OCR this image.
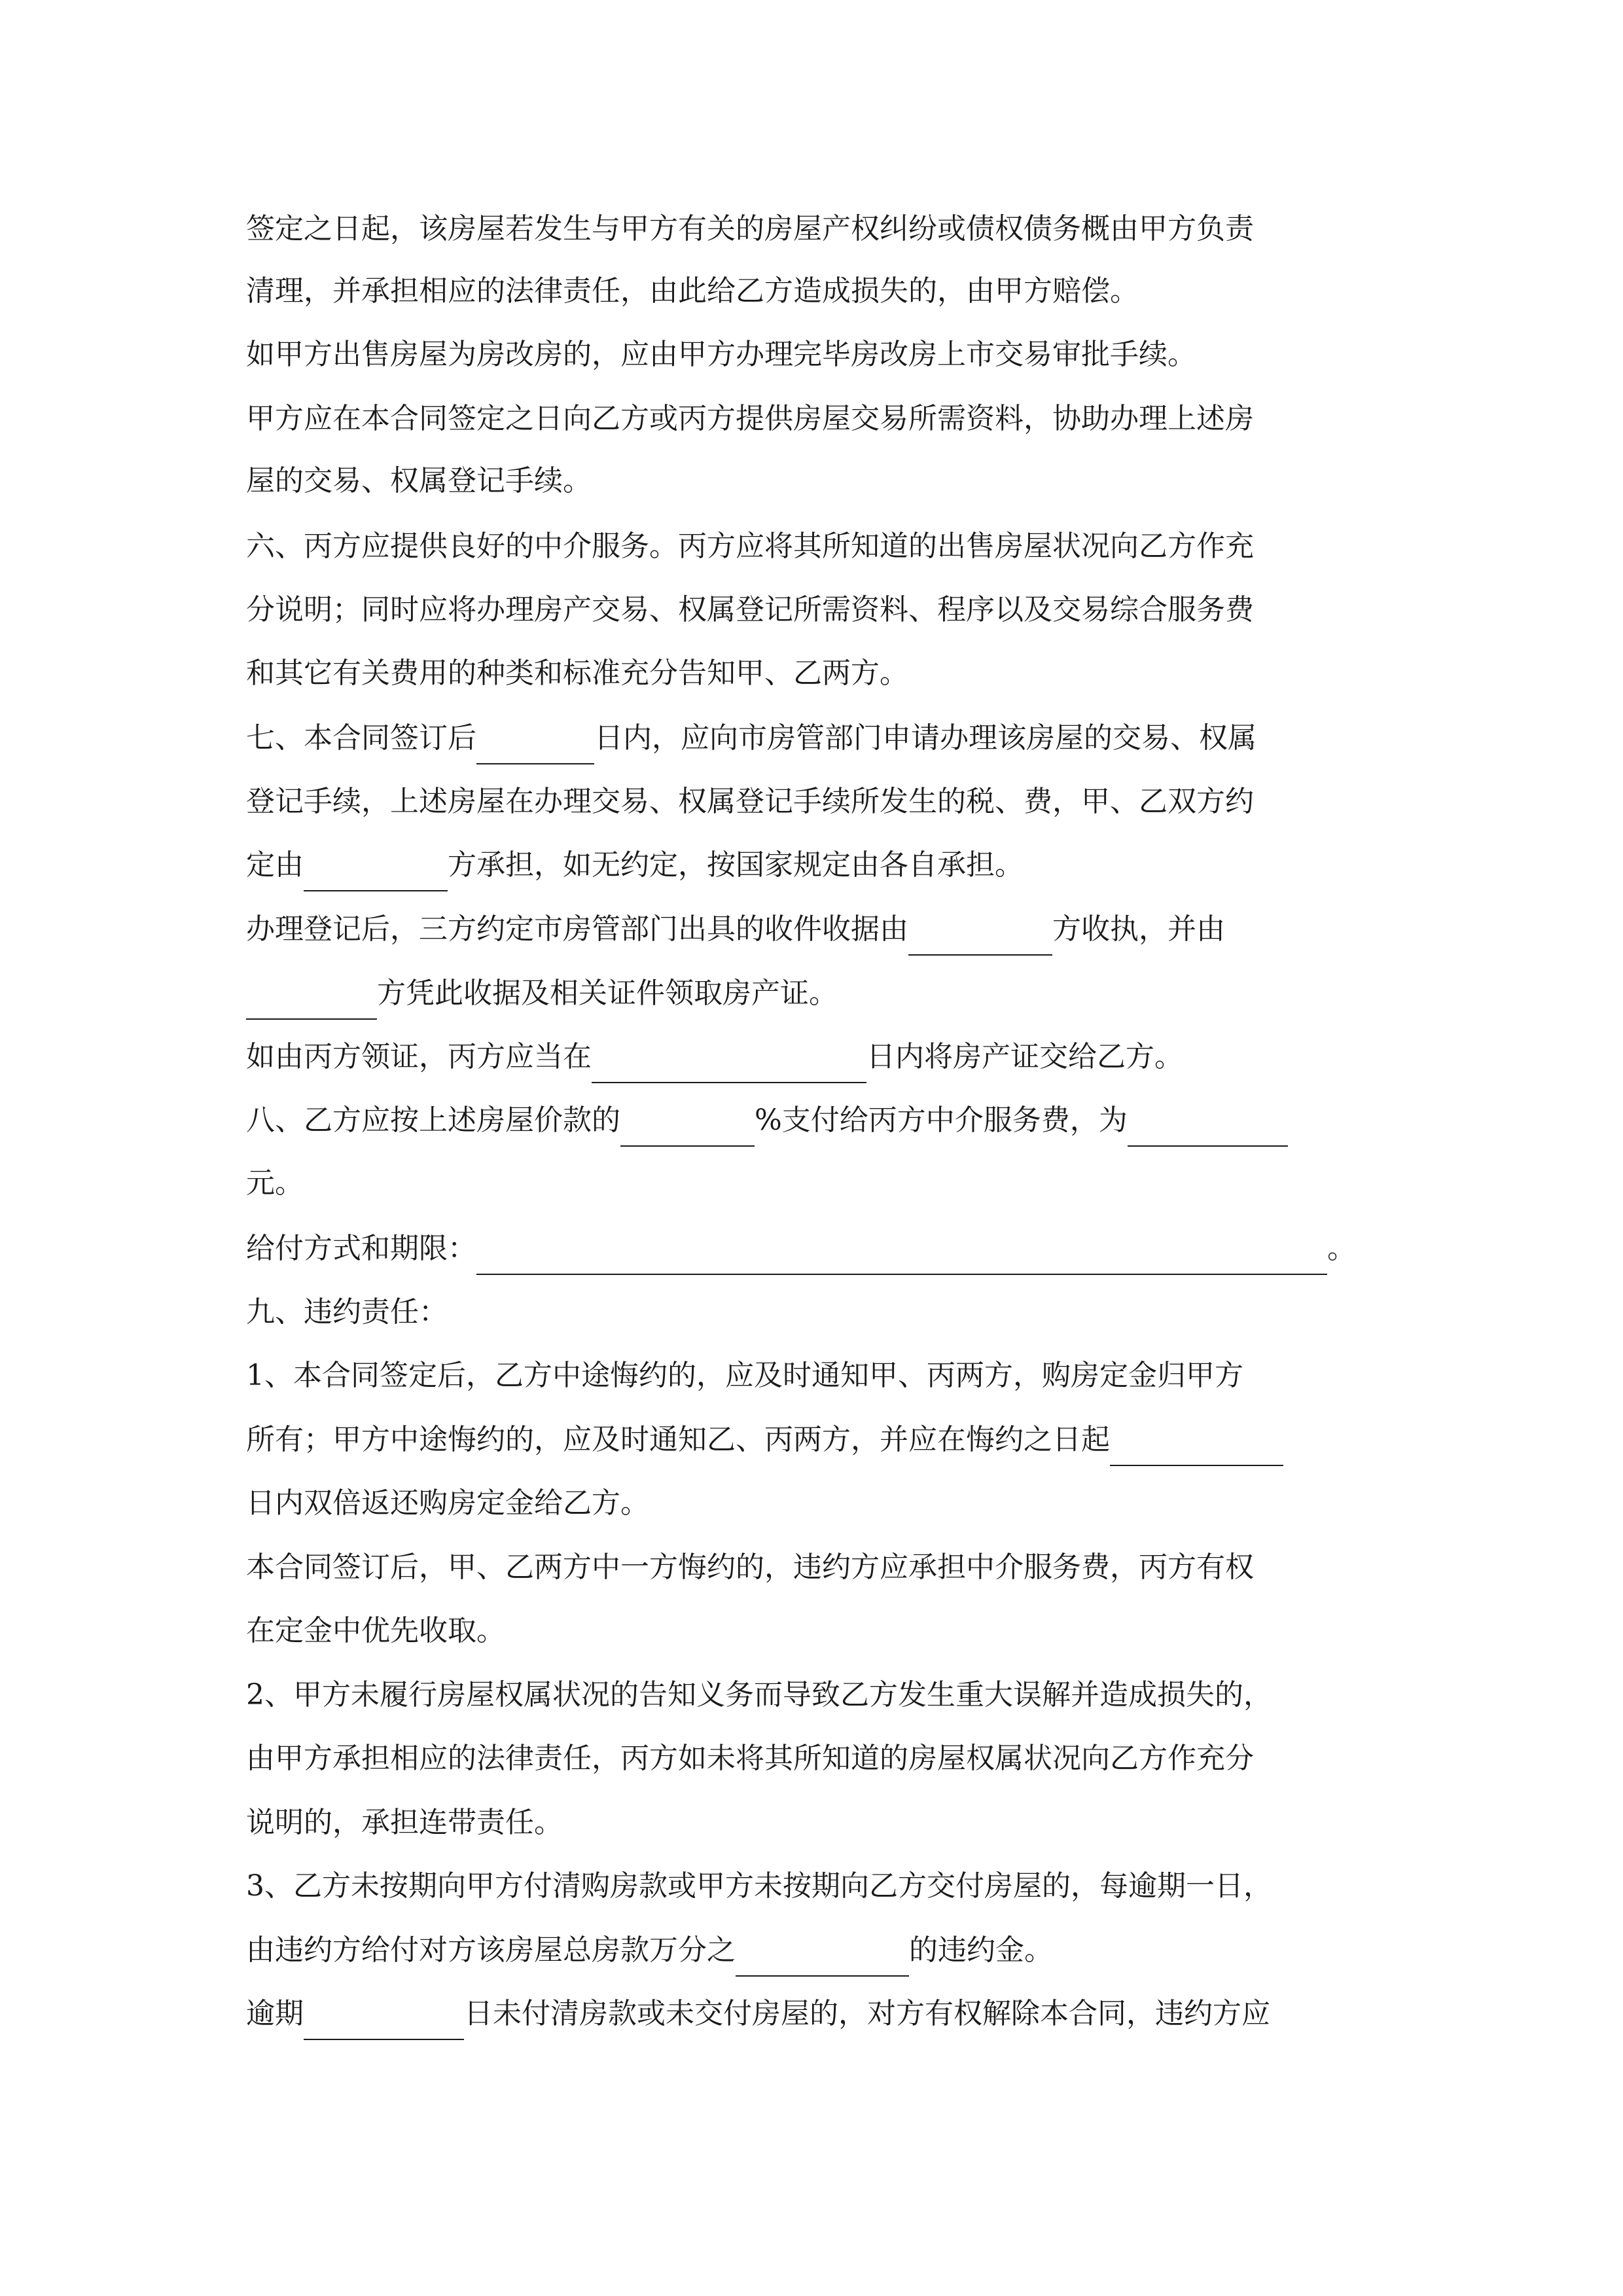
签定之日起，该房屋若发生与甲方有关的房屋产权纠纷或债权债务概由甲方负责
清理，并承担相应的法律责任，由此给乙方造成损失的，由甲方赔偿。
如甲方出售房屋为房改房的，应由甲方办理完毕房改房上市交易审批手续。
甲方应在本合同签定之日向乙方或丙方提供房屋交易所需资料，协助办理上述房
屋的交易、权属登记手续。
六、丙方应提供良好的中介服务。丙方应将其所知道的出售房屋状况向乙方作充
分说明；同时应将办理房产交易、权属登记所需资料、程序以及交易综合服务费
和其它有关费用的种类和标准充分告知甲、乙两方。
七、本合同签订后	日内，应向市房管部门申请办理该房屋的交易、权属
登记手续，上述房屋在办理交易、权属登记手续所发生的税、费，甲、乙双方约
定由	方承担，如无约定，按国家规定由各自承担。
办理登记后，三方约定市房管部门出具的收件收据由	方收执，并由
方凭此收据及相关证件领取房产证。
如由丙方领证，丙方应当在	日内将房产证交给乙方。
八、乙方应按上述房屋价款的	%支付给丙方中介服务费，为
元。
给付方式和期限：	。
九、违约责任：
1、本合同签定后，乙方中途悔约的，应及时通知甲、丙两方，购房定金归甲方
所有；甲方中途悔约的，应及时通知乙、丙两方，并应在悔约之日起
日内双倍返还购房定金给乙方。
本合同签订后，甲、乙两方中一方悔约的，违约方应承担中介服务费，丙方有权
在定金中优先收取。
2、甲方未履行房屋权属状况的告知义务而导致乙方发生重大误解并造成损失的，
由甲方承担相应的法律责任，丙方如未将其所知道的房屋权属状况向乙方作充分
说明的，承担连带责任。
3、乙方未按期向甲方付清购房款或甲方未按期向乙方交付房屋的，每逾期一日，
由违约方给付对方该房屋总房款万分之	的违约金。
逾期	日未付清房款或未交付房屋的，对方有权解除本合同，违约方应
